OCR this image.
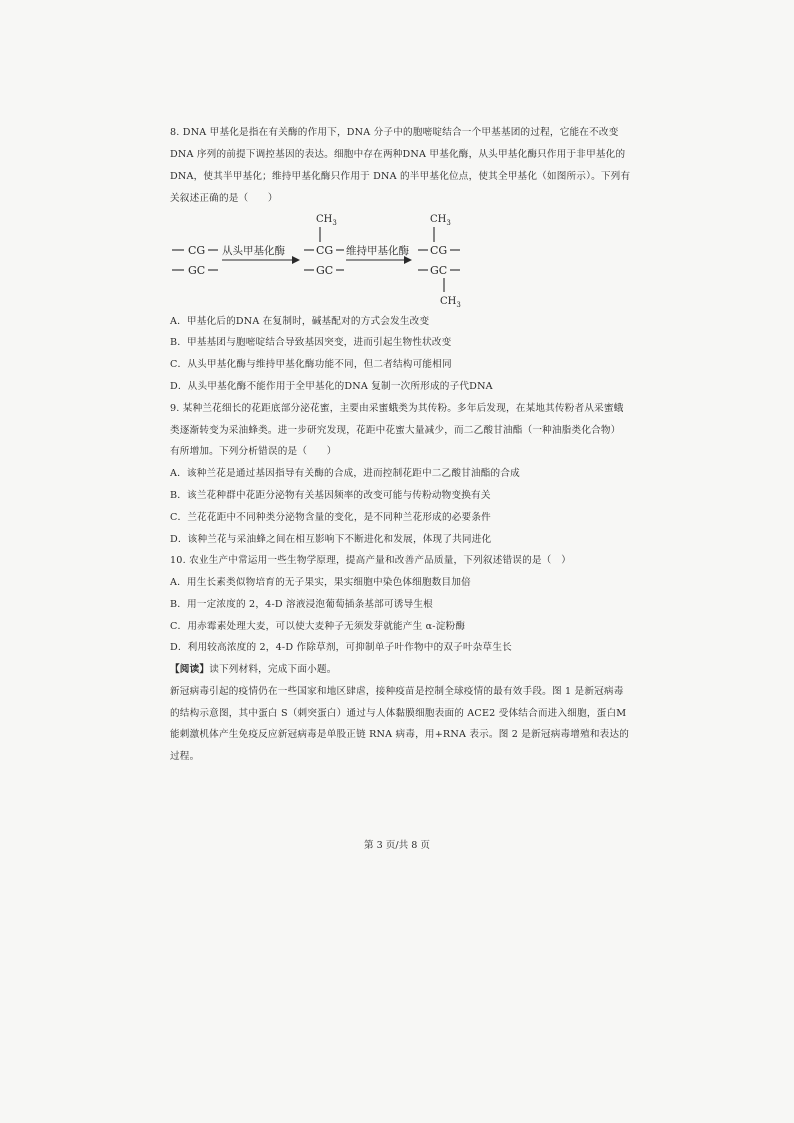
8. DNA 甲基化是指在有关酶的作用下，DNA 分子中的胞嘧啶结合一个甲基基团的过程，它能在不改变
DNA 序列的前提下调控基因的表达。细胞中存在两种DNA 甲基化酶，从头甲基化酶只作用于非甲基化的
DNA，使其半甲基化；维持甲基化酶只作用于 DNA 的半甲基化位点，使其全甲基化（如图所示）。下列有
关叙述正确的是（　　）
CG
GC
从头甲基化酶
$CH_3$
CG
GC
维持甲基化酶
$CH_3$
CG
GC
$CH_3$
A．甲基化后的DNA 在复制时，碱基配对的方式会发生改变
B．甲基基团与胞嘧啶结合导致基因突变，进而引起生物性状改变
C．从头甲基化酶与维持甲基化酶功能不同，但二者结构可能相同
D．从头甲基化酶不能作用于全甲基化的DNA 复制一次所形成的子代DNA
9. 某种兰花细长的花距底部分泌花蜜，主要由采蜜蛾类为其传粉。多年后发现，在某地其传粉者从采蜜蛾
类逐渐转变为采油蜂类。进一步研究发现，花距中花蜜大量减少，而二乙酸甘油酯（一种油脂类化合物）
有所增加。下列分析错误的是（　　）
A．该种兰花是通过基因指导有关酶的合成，进而控制花距中二乙酸甘油酯的合成
B．该兰花种群中花距分泌物有关基因频率的改变可能与传粉动物变换有关
C．兰花花距中不同种类分泌物含量的变化，是不同种兰花形成的必要条件
D．该种兰花与采油蜂之间在相互影响下不断进化和发展，体现了共同进化
10. 农业生产中常运用一些生物学原理，提高产量和改善产品质量，下列叙述错误的是（　）
A．用生长素类似物培育的无子果实，果实细胞中染色体细胞数目加倍
B．用一定浓度的 2，4-D 溶液浸泡葡萄插条基部可诱导生根
C．用赤霉素处理大麦，可以使大麦种子无须发芽就能产生 α-淀粉酶
D．利用较高浓度的 2，4-D 作除草剂，可抑制单子叶作物中的双子叶杂草生长
【阅读】读下列材料，完成下面小题。
新冠病毒引起的疫情仍在一些国家和地区肆虐，接种疫苗是控制全球疫情的最有效手段。图 1 是新冠病毒
的结构示意图，其中蛋白 S（刺突蛋白）通过与人体黏膜细胞表面的 ACE2 受体结合而进入细胞，蛋白M
能刺激机体产生免疫反应新冠病毒是单股正链 RNA 病毒，用+RNA 表示。图 2 是新冠病毒增殖和表达的
过程。
第 3 页/共 8 页
